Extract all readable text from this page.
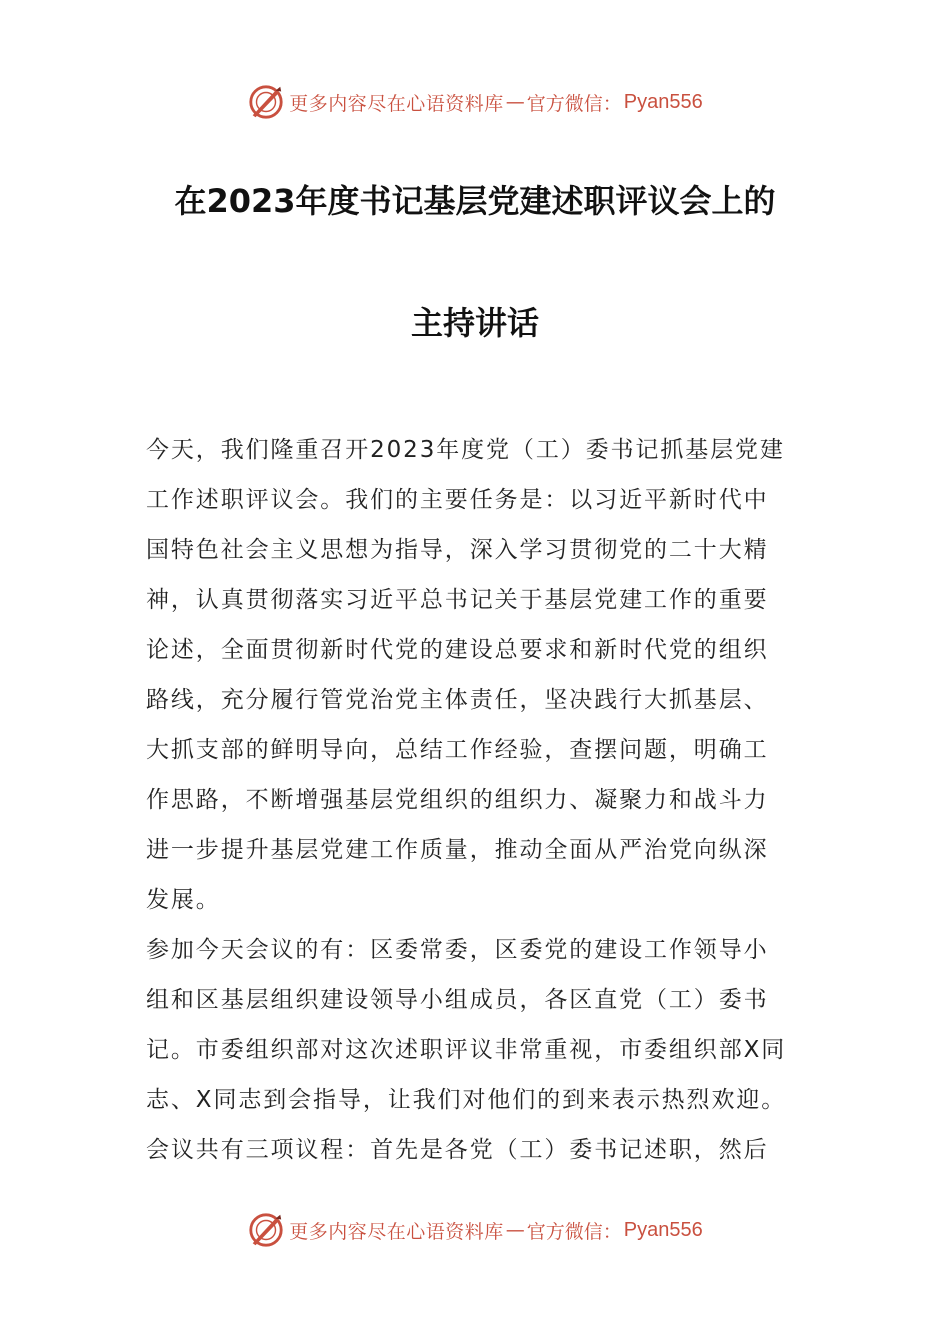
更多内容尽在心语资料库 — 官方微信： Pyan556
在2023年度书记基层党建述职评议会上的
主持讲话
今天，我们隆重召开2023年度党（工）委书记抓基层党建
工作述职评议会。我们的主要任务是：以习近平新时代中
国特色社会主义思想为指导，深入学习贯彻党的二十大精
神，认真贯彻落实习近平总书记关于基层党建工作的重要
论述，全面贯彻新时代党的建设总要求和新时代党的组织
路线，充分履行管党治党主体责任，坚决践行大抓基层、
大抓支部的鲜明导向，总结工作经验，查摆问题，明确工
作思路，不断增强基层党组织的组织力、凝聚力和战斗力
进一步提升基层党建工作质量，推动全面从严治党向纵深
发展。
参加今天会议的有：区委常委，区委党的建设工作领导小
组和区基层组织建设领导小组成员，各区直党（工）委书
记。市委组织部对这次述职评议非常重视，市委组织部X同
志、X同志到会指导，让我们对他们的到来表示热烈欢迎。
会议共有三项议程：首先是各党（工）委书记述职，然后
更多内容尽在心语资料库 — 官方微信： Pyan556
